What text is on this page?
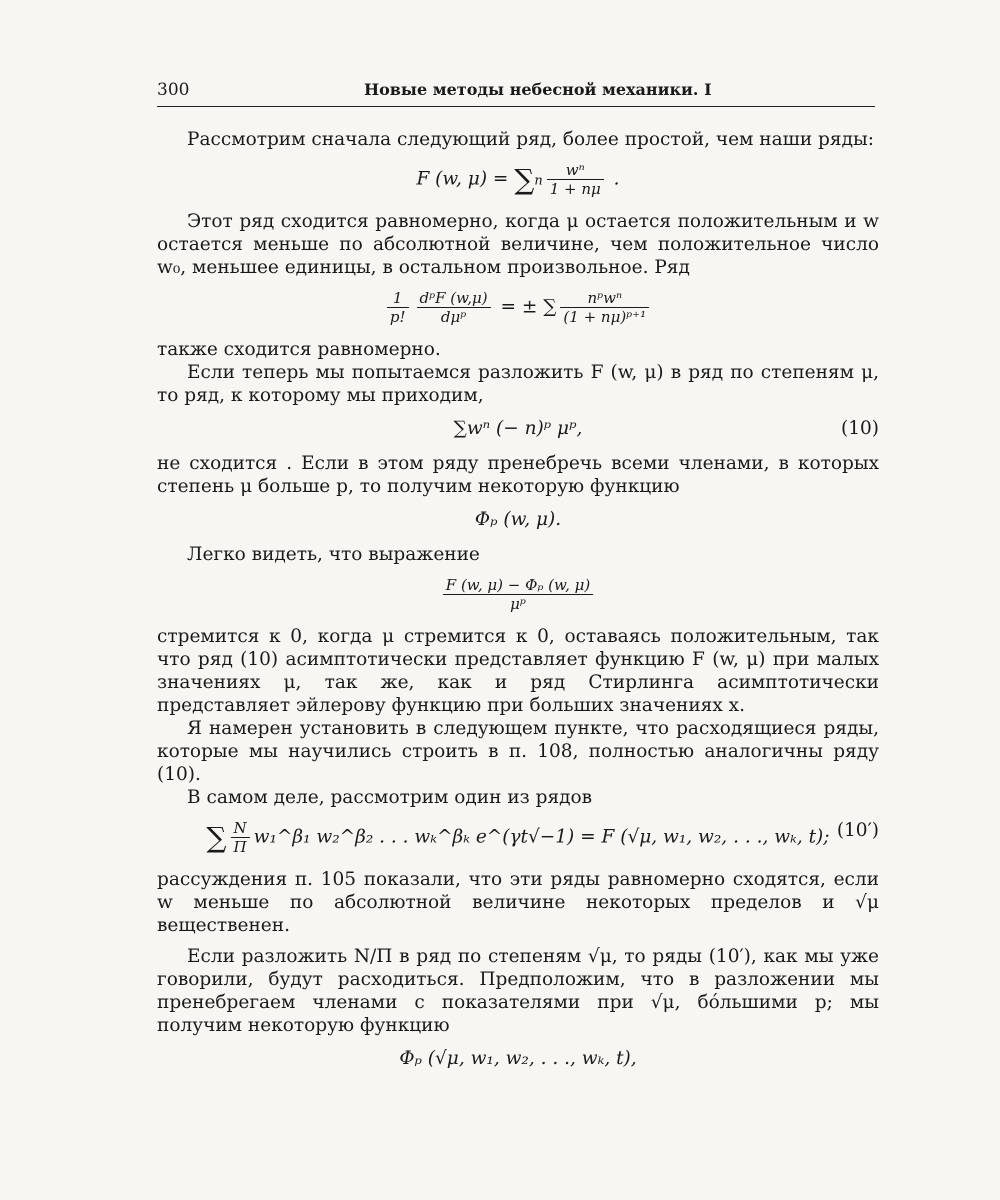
300	Новые методы небесной механики. I

Рассмотрим сначала следующий ряд, более простой, чем наши ряды:

F (w, $\mu) = \sum n \frac{\text{wⁿ}}{1 + n\mu}$ .

Этот ряд сходится равномерно, когда μ остается положительным и w остается меньше по абсолютной величине, чем положительное число w₀, меньшее единицы, в остальном произвольное. Ряд

$\frac{1}{p!} \frac{\text{dᵖF (w,μ)}}{\text{dμᵖ}}$ = ± ∑ $\frac{\text{nᵖwⁿ}}{\text{(1 + nμ)ᵖ⁺¹}}$

также сходится равномерно.

Если теперь мы попытаемся разложить F (w, μ) в ряд по степеням μ, то ряд, к которому мы приходим,

∑wⁿ (− n)ᵖ μᵖ,	(10)

не сходится . Если в этом ряду пренебречь всеми членами, в которых степень μ больше p, то получим некоторую функцию

Φₚ (w, μ).

Легко видеть, что выражение

$\frac{\text{F (w, μ) − Φₚ (w, μ)}}{\text{μᵖ}}$

стремится к 0, когда μ стремится к 0, оставаясь положительным, так что ряд (10) асимптотически представляет функцию F (w, μ) при малых значениях μ, так же, как и ряд Стирлинга асимптотически представляет эйлерову функцию при больших значениях x.

Я намерен установить в следующем пункте, что расходящиеся ряды, которые мы научились строить в п. 108, полностью аналогичны ряду (10).

В самом деле, рассмотрим один из рядов

∑ $\frac{N}{\Pi}$ w₁^β₁ w₂^β₂ . . . wₖ^βₖ e^(γt√−1) = F (√μ, w₁, w₂, . . ., wₖ, t); (10′)

рассуждения п. 105 показали, что эти ряды равномерно сходятся, если w меньше по абсолютной величине некоторых пределов и √μ вещественен.

Если разложить N/Π в ряд по степеням √μ, то ряды (10′), как мы уже говорили, будут расходиться. Предположим, что в разложении мы пренебрегаем членами с показателями при √μ, бóльшими p; мы получим некоторую функцию

Φₚ (√μ, w₁, w₂, . . ., wₖ, t),
